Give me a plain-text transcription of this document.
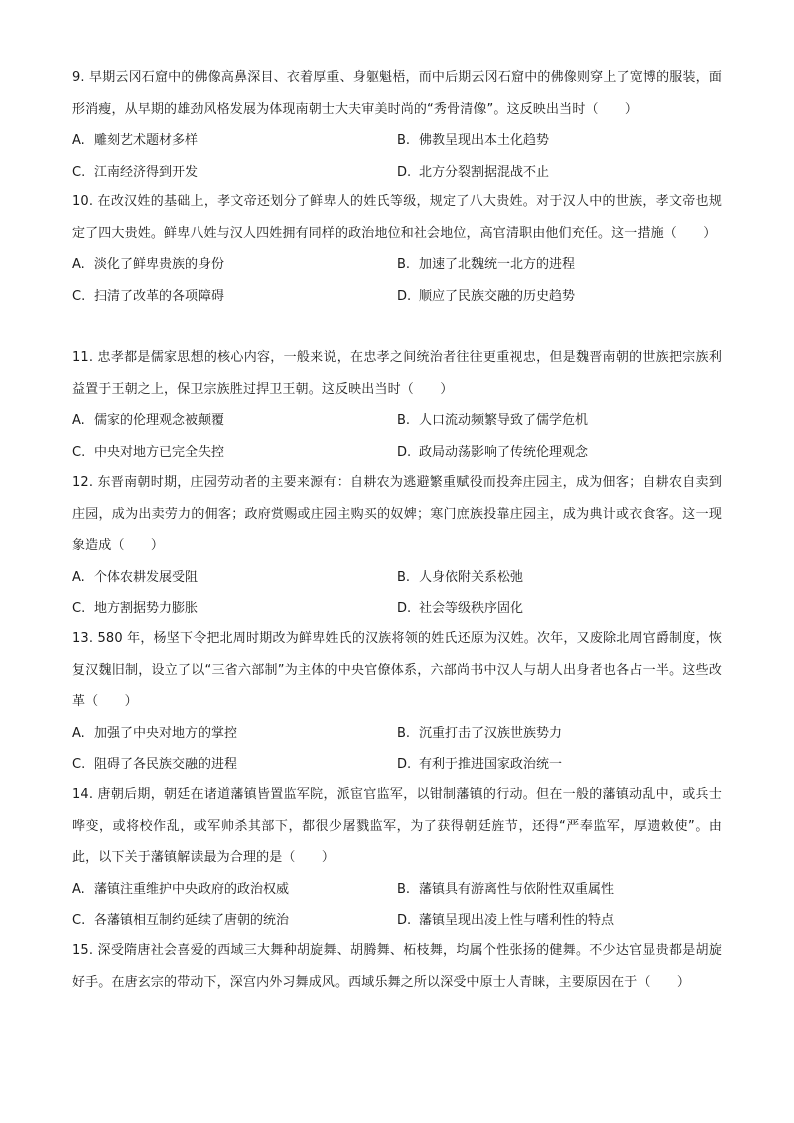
9. 早期云冈石窟中的佛像高鼻深目、衣着厚重、身躯魁梧，而中后期云冈石窟中的佛像则穿上了宽博的服装，面形消瘦，从早期的雄劲风格发展为体现南朝士大夫审美时尚的“秀骨清像”。这反映出当时（　　）
A. 雕刻艺术题材多样	B. 佛教呈现出本土化趋势
C. 江南经济得到开发	D. 北方分裂割据混战不止
10. 在改汉姓的基础上，孝文帝还划分了鲜卑人的姓氏等级，规定了八大贵姓。对于汉人中的世族，孝文帝也规定了四大贵姓。鲜卑八姓与汉人四姓拥有同样的政治地位和社会地位，高官清职由他们充任。这一措施（　　）
A. 淡化了鲜卑贵族的身份	B. 加速了北魏统一北方的进程
C. 扫清了改革的各项障碍	D. 顺应了民族交融的历史趋势
11. 忠孝都是儒家思想的核心内容，一般来说，在忠孝之间统治者往往更重视忠，但是魏晋南朝的世族把宗族利益置于王朝之上，保卫宗族胜过捍卫王朝。这反映出当时（　　）
A. 儒家的伦理观念被颠覆	B. 人口流动频繁导致了儒学危机
C. 中央对地方已完全失控	D. 政局动荡影响了传统伦理观念
12. 东晋南朝时期，庄园劳动者的主要来源有：自耕农为逃避繁重赋役而投奔庄园主，成为佃客；自耕农自卖到庄园，成为出卖劳力的佣客；政府赏赐或庄园主购买的奴婢；寒门庶族投靠庄园主，成为典计或衣食客。这一现象造成（　　）
A. 个体农耕发展受阻	B. 人身依附关系松弛
C. 地方割据势力膨胀	D. 社会等级秩序固化
13. 580 年，杨坚下令把北周时期改为鲜卑姓氏的汉族将领的姓氏还原为汉姓。次年，又废除北周官爵制度，恢复汉魏旧制，设立了以“三省六部制”为主体的中央官僚体系，六部尚书中汉人与胡人出身者也各占一半。这些改革（　　）
A. 加强了中央对地方的掌控	B. 沉重打击了汉族世族势力
C. 阻碍了各民族交融的进程	D. 有利于推进国家政治统一
14. 唐朝后期，朝廷在诸道藩镇皆置监军院，派宦官监军，以钳制藩镇的行动。但在一般的藩镇动乱中，或兵士哗变，或将校作乱，或军帅杀其部下，都很少屠戮监军，为了获得朝廷旌节，还得“严奉监军，厚遗敕使”。由此，以下关于藩镇解读最为合理的是（　　）
A. 藩镇注重维护中央政府的政治权威	B. 藩镇具有游离性与依附性双重属性
C. 各藩镇相互制约延续了唐朝的统治	D. 藩镇呈现出凌上性与嗜利性的特点
15. 深受隋唐社会喜爱的西域三大舞种胡旋舞、胡腾舞、柘枝舞，均属个性张扬的健舞。不少达官显贵都是胡旋好手。在唐玄宗的带动下，深宫内外习舞成风。西域乐舞之所以深受中原士人青睐，主要原因在于（　　）
